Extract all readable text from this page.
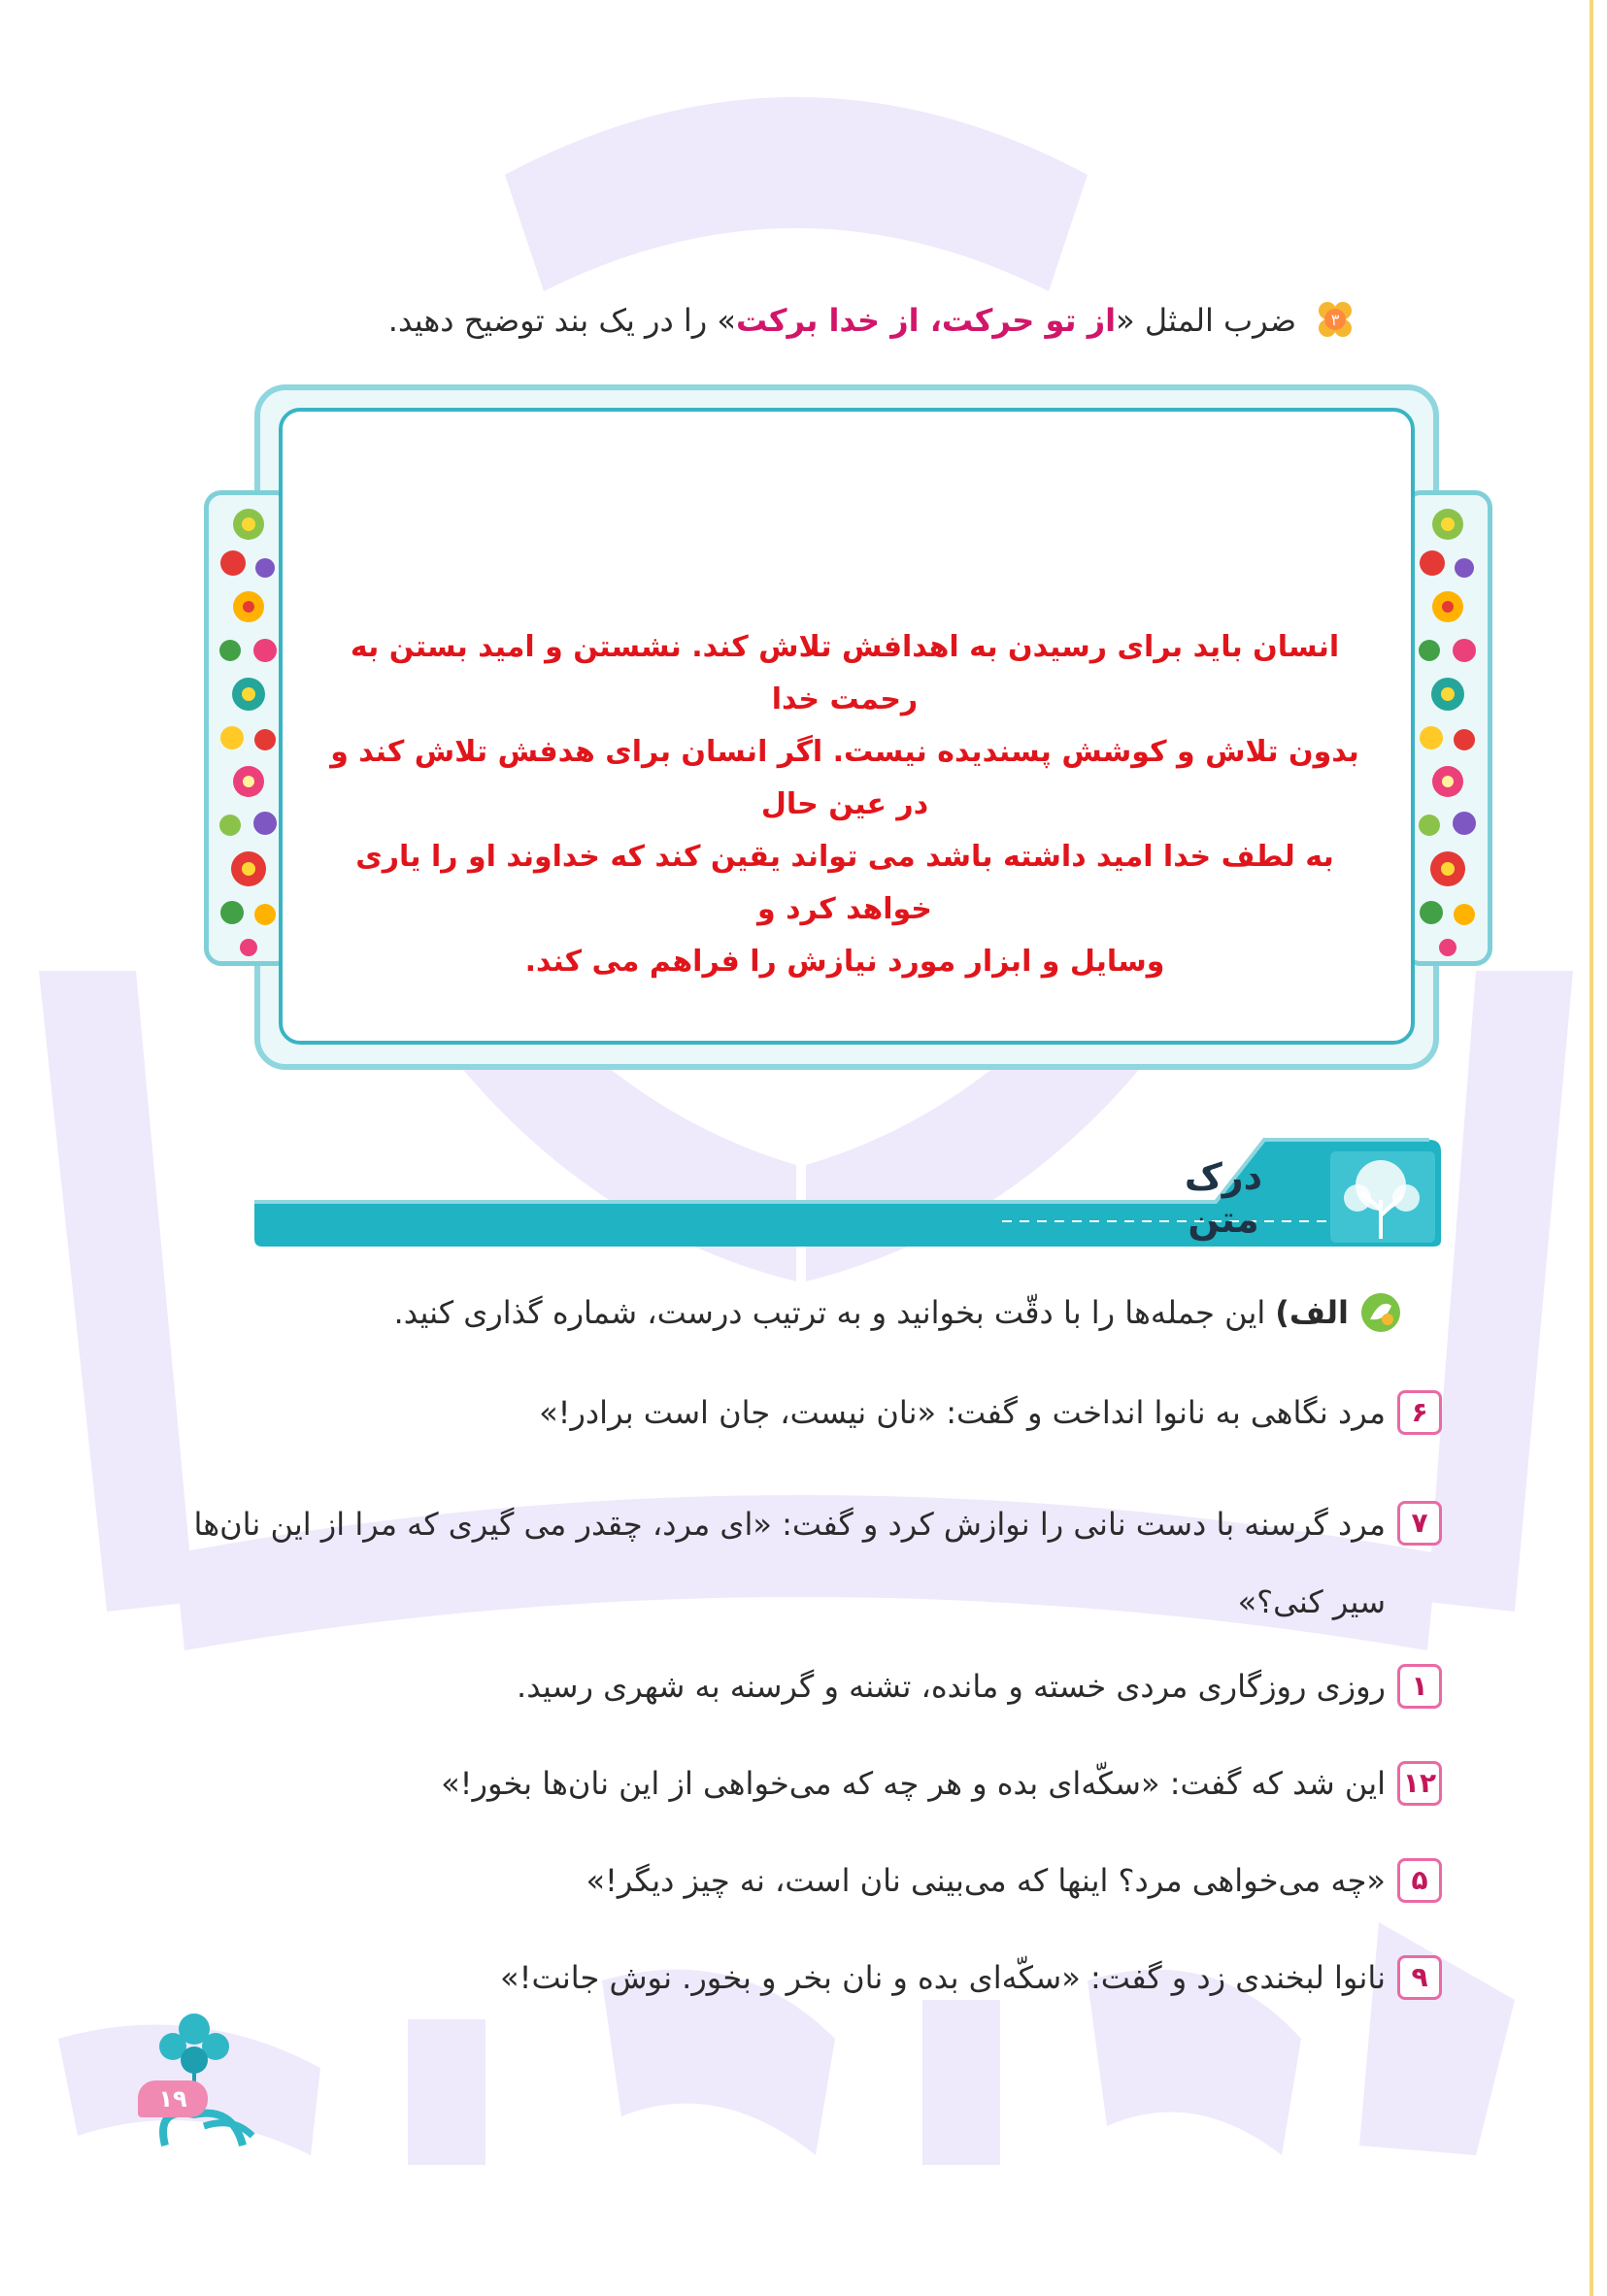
۳
ضرب المثل «از تو حرکت، از خدا برکت» را در یک بند توضیح دهید.
انسان باید برای رسیدن به اهدافش تلاش کند. نشستن و امید بستن به رحمت خدا
بدون تلاش و کوشش پسندیده نیست. اگر انسان برای هدفش تلاش کند و در عین حال
به لطف خدا امید داشته باشد می تواند یقین کند که خداوند او را یاری خواهد کرد و
وسایل و ابزار مورد نیازش را فراهم می کند.
درک متن
الف)
این جمله‌ها را با دقّت بخوانید و به ترتیب درست، شماره گذاری کنید.
۶
مرد نگاهی به نانوا انداخت و گفت: «نان نیست، جان است برادر!»
۷
مرد گرسنه با دست نانی را نوازش کرد و گفت: «ای مرد، چقدر می گیری که مرا از این نان‌ها سیر کنی؟»
۱
روزی روزگاری مردی خسته و مانده، تشنه و گرسنه به شهری رسید.
۱۲
این شد که گفت: «سکّه‌ای بده و هر چه که می‌خواهی از این نان‌ها بخور!»
۵
«چه می‌خواهی مرد؟ اینها که می‌بینی نان است، نه چیز دیگر!»
۹
نانوا لبخندی زد و گفت: «سکّه‌ای بده و نان بخر و بخور. نوش جانت!»
۱۹
